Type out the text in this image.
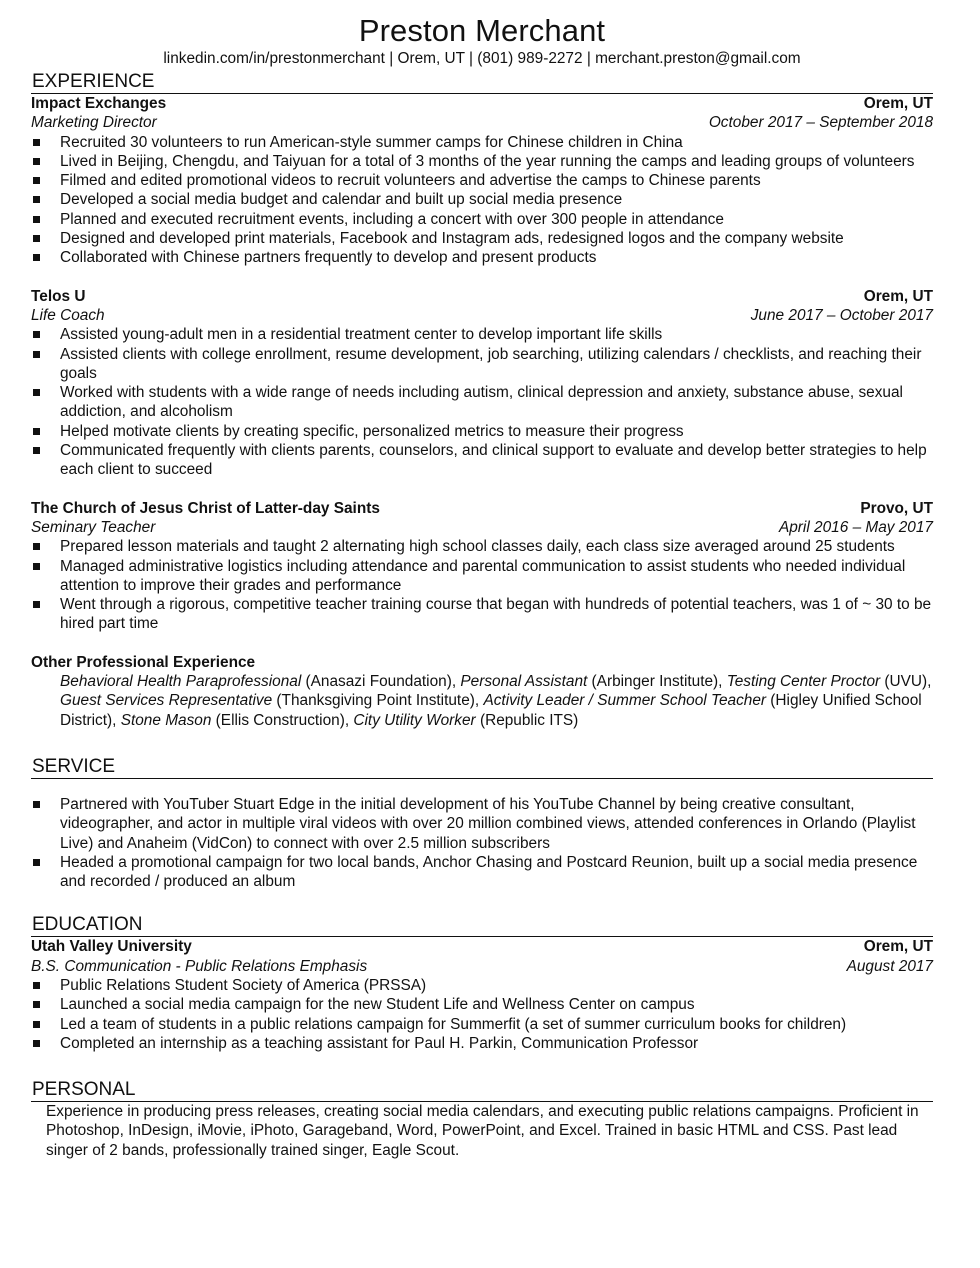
Preston Merchant
linkedin.com/in/prestonmerchant | Orem, UT | (801) 989-2272 | merchant.preston@gmail.com
EXPERIENCE
Impact Exchanges	Orem, UT
Marketing Director	October 2017 – September 2018
Recruited 30 volunteers to run American-style summer camps for Chinese children in China
Lived in Beijing, Chengdu, and Taiyuan for a total of 3 months of the year running the camps and leading groups of volunteers
Filmed and edited promotional videos to recruit volunteers and advertise the camps to Chinese parents
Developed a social media budget and calendar and built up social media presence
Planned and executed recruitment events, including a concert with over 300 people in attendance
Designed and developed print materials, Facebook and Instagram ads, redesigned logos and the company website
Collaborated with Chinese partners frequently to develop and present products
Telos U	Orem, UT
Life Coach	June 2017 – October 2017
Assisted young-adult men in a residential treatment center to develop important life skills
Assisted clients with college enrollment, resume development, job searching, utilizing calendars / checklists, and reaching their goals
Worked with students with a wide range of needs including autism, clinical depression and anxiety, substance abuse, sexual addiction, and alcoholism
Helped motivate clients by creating specific, personalized metrics to measure their progress
Communicated frequently with clients parents, counselors, and clinical support to evaluate and develop better strategies to help each client to succeed
The Church of Jesus Christ of Latter-day Saints	Provo, UT
Seminary Teacher	April 2016 – May 2017
Prepared lesson materials and taught 2 alternating high school classes daily, each class size averaged around 25 students
Managed administrative logistics including attendance and parental communication to assist students who needed individual attention to improve their grades and performance
Went through a rigorous, competitive teacher training course that began with hundreds of potential teachers, was 1 of ~ 30 to be hired part time
Other Professional Experience
Behavioral Health Paraprofessional (Anasazi Foundation), Personal Assistant (Arbinger Institute), Testing Center Proctor (UVU), Guest Services Representative (Thanksgiving Point Institute), Activity Leader / Summer School Teacher (Higley Unified School District), Stone Mason (Ellis Construction), City Utility Worker (Republic ITS)
SERVICE
Partnered with YouTuber Stuart Edge in the initial development of his YouTube Channel by being creative consultant, videographer, and actor in multiple viral videos with over 20 million combined views, attended conferences in Orlando (Playlist Live) and Anaheim (VidCon) to connect with over 2.5 million subscribers
Headed a promotional campaign for two local bands, Anchor Chasing and Postcard Reunion, built up a social media presence and recorded / produced an album
EDUCATION
Utah Valley University	Orem, UT
B.S. Communication - Public Relations Emphasis	August 2017
Public Relations Student Society of America (PRSSA)
Launched a social media campaign for the new Student Life and Wellness Center on campus
Led a team of students in a public relations campaign for Summerfit (a set of summer curriculum books for children)
Completed an internship as a teaching assistant for Paul H. Parkin, Communication Professor
PERSONAL
Experience in producing press releases, creating social media calendars, and executing public relations campaigns. Proficient in Photoshop, InDesign, iMovie, iPhoto, Garageband, Word, PowerPoint, and Excel. Trained in basic HTML and CSS. Past lead singer of 2 bands, professionally trained singer, Eagle Scout.
